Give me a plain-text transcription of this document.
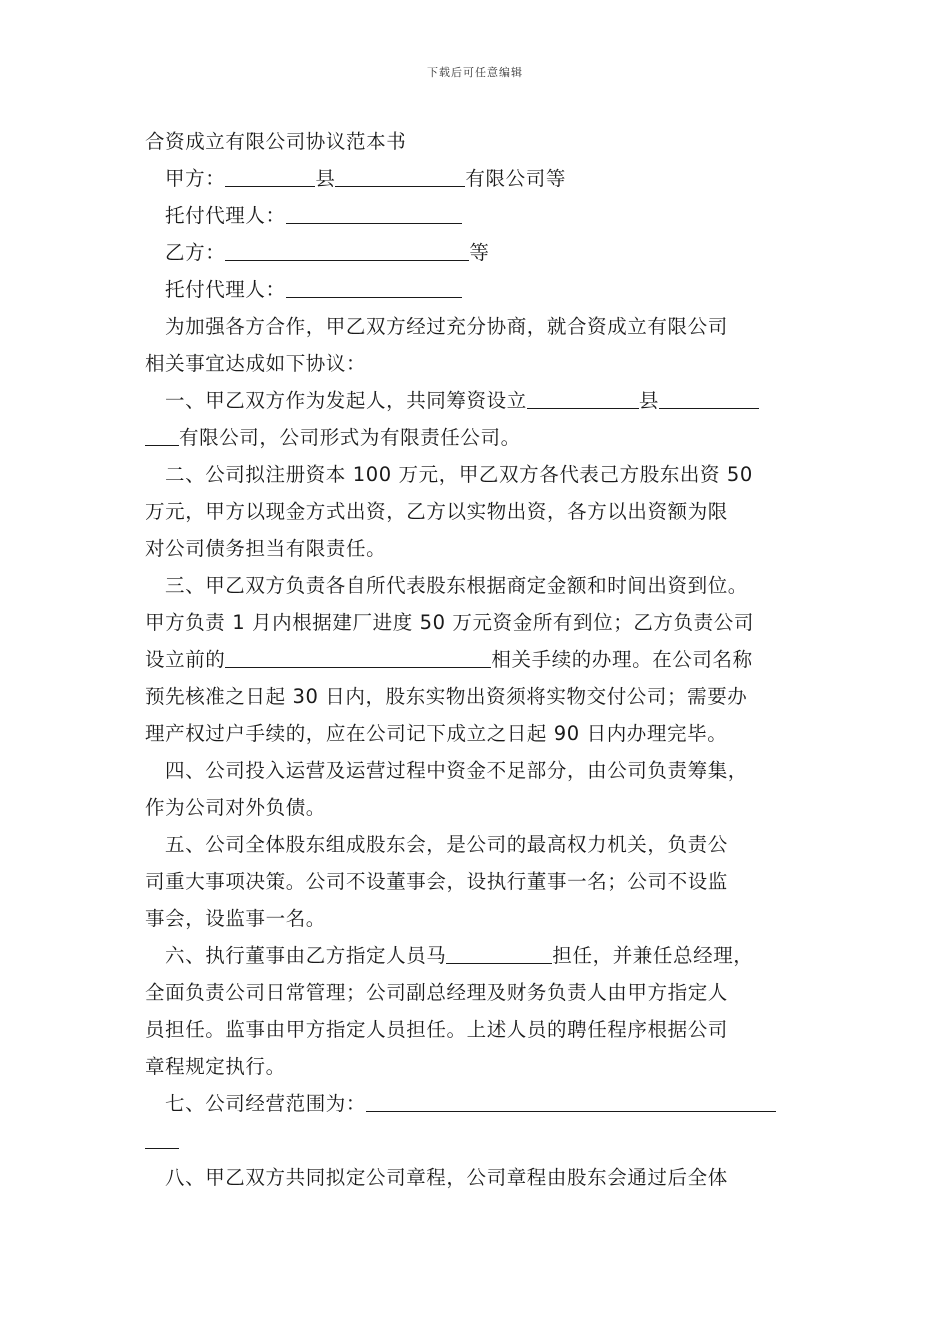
下载后可任意编辑
合资成立有限公司协议范本书
甲方：	县	有限公司等
托付代理人：
乙方：	等
托付代理人：
为加强各方合作，甲乙双方经过充分协商，就合资成立有限公司
相关事宜达成如下协议：
一、甲乙双方作为发起人，共同筹资设立	县
有限公司，公司形式为有限责任公司。
二、公司拟注册资本 100 万元，甲乙双方各代表己方股东出资 50
万元，甲方以现金方式出资，乙方以实物出资，各方以出资额为限
对公司债务担当有限责任。
三、甲乙双方负责各自所代表股东根据商定金额和时间出资到位。
甲方负责 1 月内根据建厂进度 50 万元资金所有到位；乙方负责公司
设立前的	相关手续的办理。在公司名称
预先核准之日起 30 日内，股东实物出资须将实物交付公司；需要办
理产权过户手续的，应在公司记下成立之日起 90 日内办理完毕。
四、公司投入运营及运营过程中资金不足部分，由公司负责筹集，
作为公司对外负债。
五、公司全体股东组成股东会，是公司的最高权力机关，负责公
司重大事项决策。公司不设董事会，设执行董事一名；公司不设监
事会，设监事一名。
六、执行董事由乙方指定人员马	担任，并兼任总经理，
全面负责公司日常管理；公司副总经理及财务负责人由甲方指定人
员担任。监事由甲方指定人员担任。上述人员的聘任程序根据公司
章程规定执行。
七、公司经营范围为：
八、甲乙双方共同拟定公司章程，公司章程由股东会通过后全体
